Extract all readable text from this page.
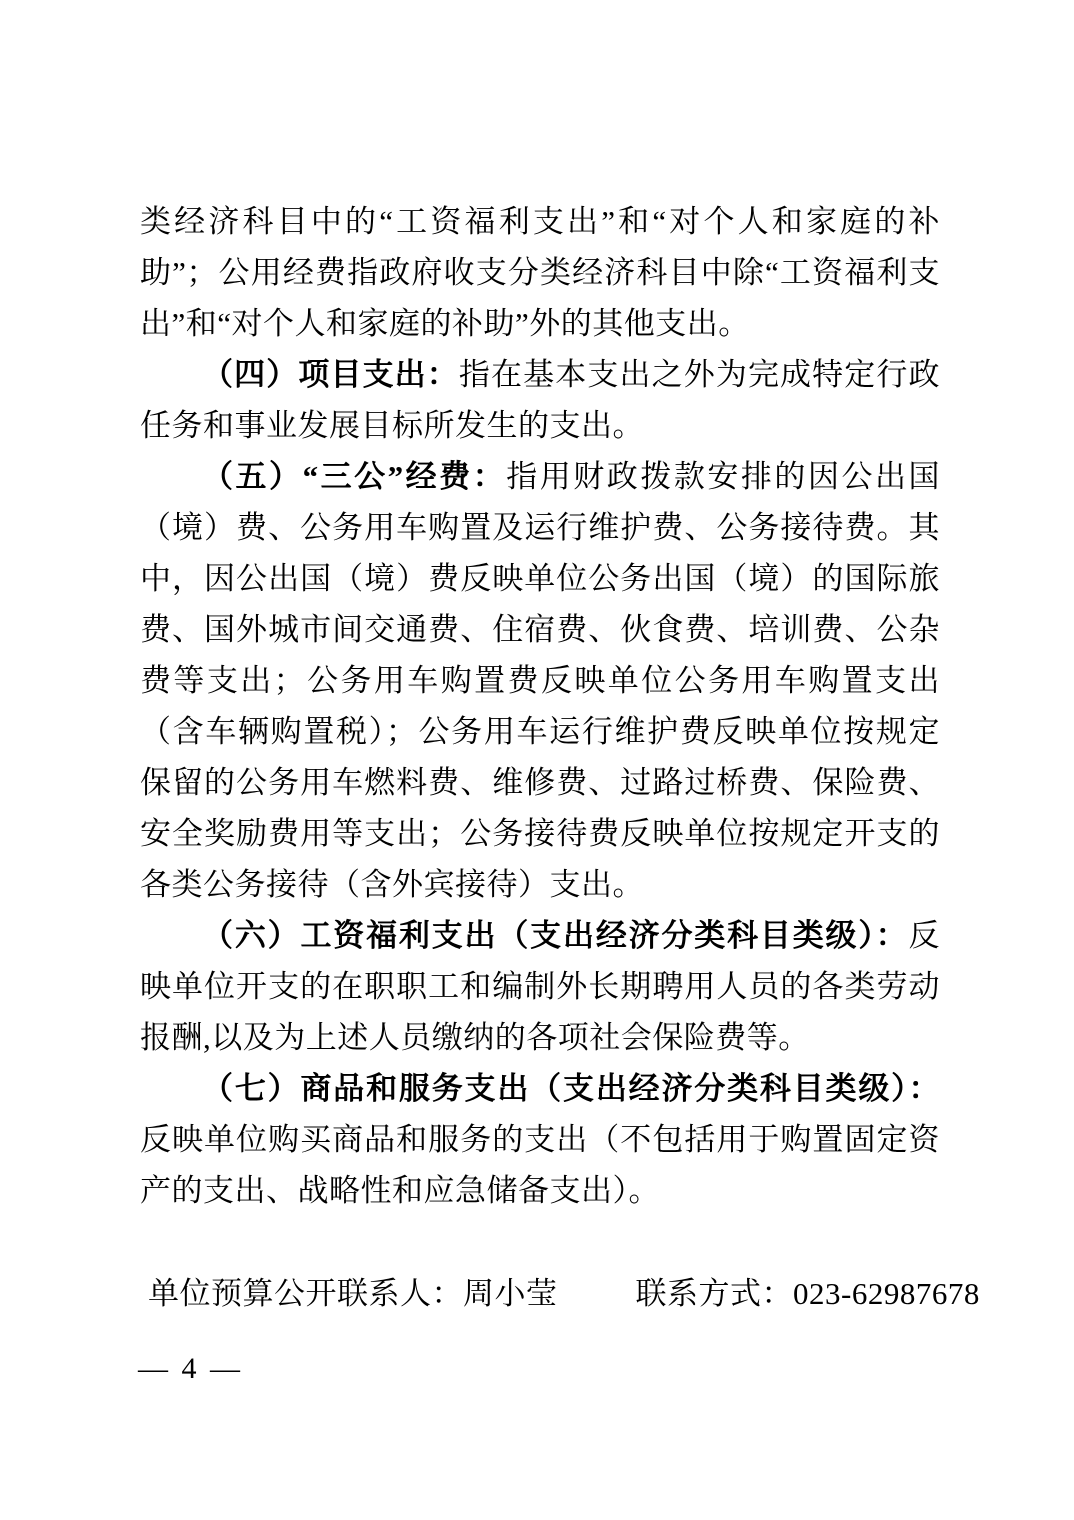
类经济科目中的“工资福利支出”和“对个人和家庭的补助”；公用经费指政府收支分类经济科目中除“工资福利支出”和“对个人和家庭的补助”外的其他支出。

（四）项目支出：指在基本支出之外为完成特定行政任务和事业发展目标所发生的支出。

（五）“三公”经费：指用财政拨款安排的因公出国（境）费、公务用车购置及运行维护费、公务接待费。其中，因公出国（境）费反映单位公务出国（境）的国际旅费、国外城市间交通费、住宿费、伙食费、培训费、公杂费等支出；公务用车购置费反映单位公务用车购置支出（含车辆购置税）；公务用车运行维护费反映单位按规定保留的公务用车燃料费、维修费、过路过桥费、保险费、安全奖励费用等支出；公务接待费反映单位按规定开支的各类公务接待（含外宾接待）支出。

（六）工资福利支出（支出经济分类科目类级）：反映单位开支的在职职工和编制外长期聘用人员的各类劳动报酬,以及为上述人员缴纳的各项社会保险费等。

（七）商品和服务支出（支出经济分类科目类级）：反映单位购买商品和服务的支出（不包括用于购置固定资产的支出、战略性和应急储备支出）。

单位预算公开联系人：周小莹	联系方式：023-62987678
— 4 —
